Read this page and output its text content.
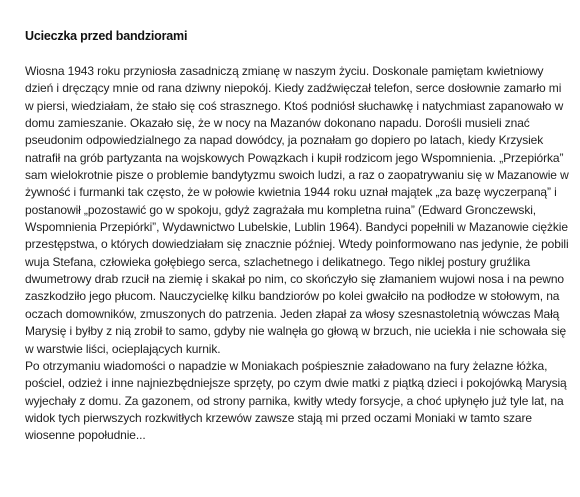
Ucieczka przed bandziorami

Wiosna 1943 roku przyniosła zasadniczą zmianę w naszym życiu. Doskonale pamiętam kwietniowy dzień i dręczący mnie od rana dziwny niepokój. Kiedy zadźwięczał telefon, serce dosłownie zamarło mi w piersi, wiedziałam, że stało się coś strasznego. Ktoś podniósł słuchawkę i natychmiast zapanowało w domu zamieszanie. Okazało się, że w nocy na Mazanów dokonano napadu. Dorośli musieli znać pseudonim odpowiedzialnego za napad dowódcy, ja poznałam go dopiero po latach, kiedy Krzysiek natrafił na grób partyzanta na wojskowych Powązkach i kupił rodzicom jego Wspomnienia. „Przepiórka” sam wielokrotnie pisze o problemie bandytyzmu swoich ludzi, a raz o zaopatrywaniu się w Mazanowie w żywność i furmanki tak często, że w połowie kwietnia 1944 roku uznał majątek „za bazę wyczerpaną” i postanowił „pozostawić go w spokoju, gdyż zagrażała mu kompletna ruina” (Edward Gronczewski, Wspomnienia Przepiórki”, Wydawnictwo Lubelskie, Lublin 1964). Bandyci popełnili w Mazanowie ciężkie przestępstwa, o których dowiedziałam się znacznie później. Wtedy poinformowano nas jedynie, że pobili wuja Stefana, człowieka gołębiego serca, szlachetnego i delikatnego. Tego niklej postury gruźlika dwumetrowy drab rzucił na ziemię i skakał po nim, co skończyło się złamaniem wujowi nosa i na pewno zaszkodziło jego płucom. Nauczycielkę kilku bandziorów po kolei gwałciło na podłodze w stołowym, na oczach domowników, zmuszonych do patrzenia. Jeden złapał za włosy szesnastoletnią wówczas Małą Marysię i byłby z nią zrobił to samo, gdyby nie walnęła go głową w brzuch, nie uciekła i nie schowała się w warstwie liści, ocieplających kurnik.

Po otrzymaniu wiadomości o napadzie w Moniakach pośpiesznie załadowano na fury żelazne łóżka, pościel, odzież i inne najniezbędniejsze sprzęty, po czym dwie matki z piątką dzieci i pokojówką Marysią wyjechały z domu. Za gazonem, od strony parnika, kwitły wtedy forsycje, a choć upłynęło już tyle lat, na widok tych pierwszych rozkwitłych krzewów zawsze stają mi przed oczami Moniaki w tamto szare wiosenne popołudnie...
